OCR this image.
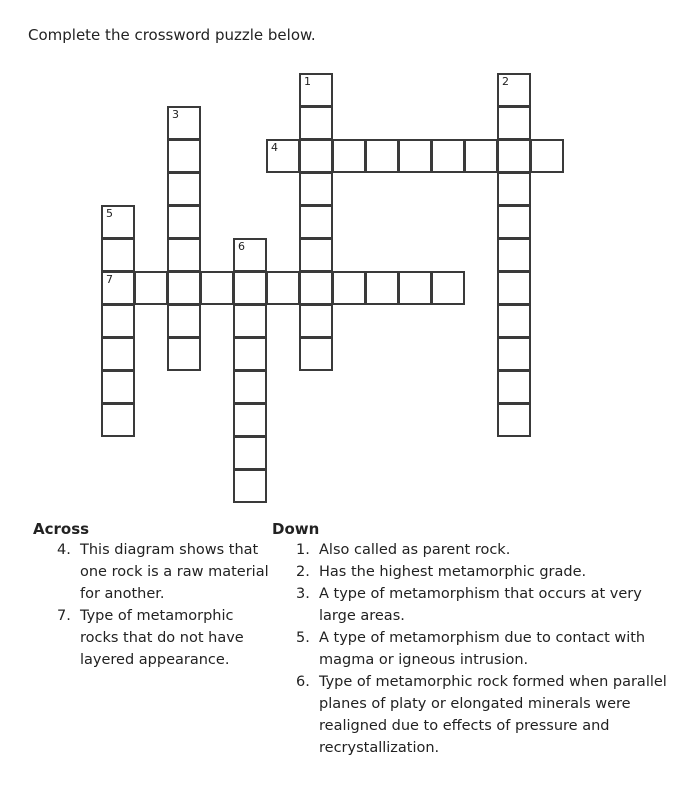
Complete the crossword puzzle below.
1	2
3
4
5
7
6
Across
4. This diagram shows that one rock is a raw material for another.
7. Type of metamorphic rocks that do not have layered appearance.
Down
1. Also called as parent rock.
2. Has the highest metamorphic grade.
3. A type of metamorphism that occurs at very large areas.
5. A type of metamorphism due to contact with magma or igneous intrusion.
6. Type of metamorphic rock formed when parallel planes of platy or elongated minerals were realigned due to effects of pressure and recrystallization.
